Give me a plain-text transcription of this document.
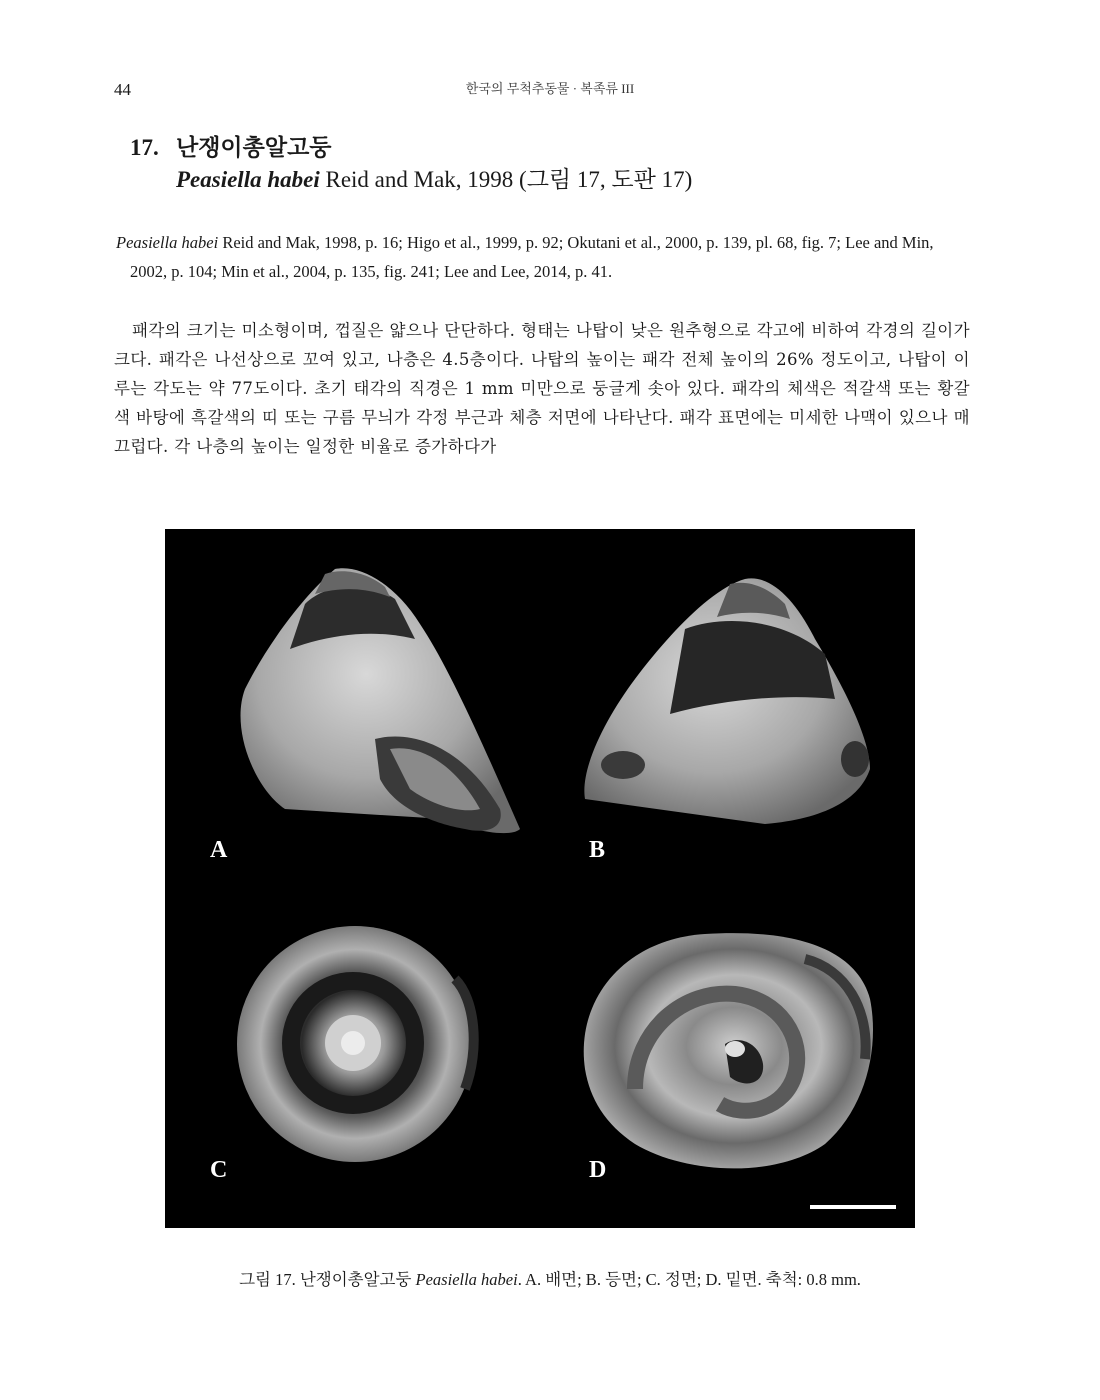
44	한국의 무척추동물 · 복족류 III
17. 난쟁이총알고둥
Peasiella habei Reid and Mak, 1998 (그림 17, 도판 17)
Peasiella habei Reid and Mak, 1998, p. 16; Higo et al., 1999, p. 92; Okutani et al., 2000, p. 139, pl. 68, fig. 7; Lee and Min, 2002, p. 104; Min et al., 2004, p. 135, fig. 241; Lee and Lee, 2014, p. 41.
패각의 크기는 미소형이며, 껍질은 얇으나 단단하다. 형태는 나탑이 낮은 원추형으로 각고에 비하여 각경의 길이가 크다. 패각은 나선상으로 꼬여 있고, 나층은 4.5층이다. 나탑의 높이는 패각 전체 높이의 26% 정도이고, 나탑이 이루는 각도는 약 77도이다. 초기 태각의 직경은 1 mm 미만으로 둥글게 솟아 있다. 패각의 체색은 적갈색 또는 황갈색 바탕에 흑갈색의 띠 또는 구름 무늬가 각정 부근과 체층 저면에 나타난다. 패각 표면에는 미세한 나맥이 있으나 매끄럽다. 각 나층의 높이는 일정한 비율로 증가하다가
A	B
C	D
그림 17. 난쟁이총알고둥 Peasiella habei. A. 배면; B. 등면; C. 정면; D. 밑면. 축척: 0.8 mm.
